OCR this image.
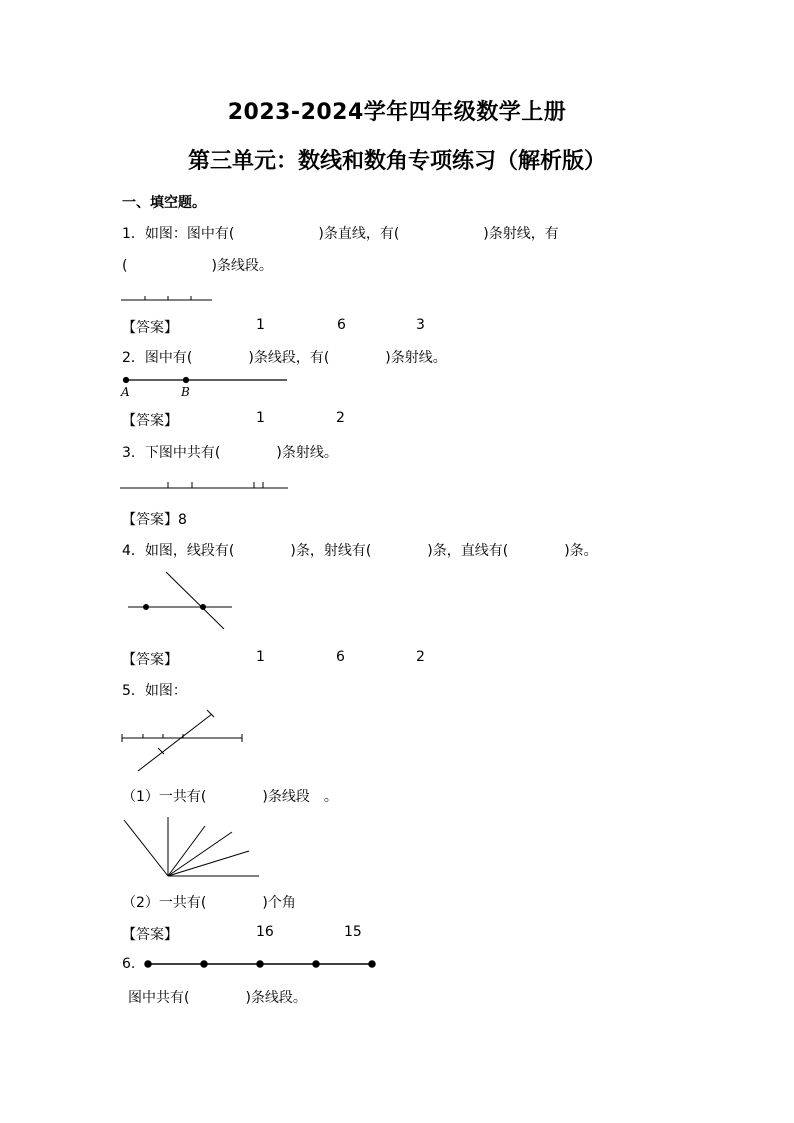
2023-2024学年四年级数学上册
第三单元：数线和数角专项练习（解析版）
一、填空题。
1．如图：图中有(　　　　　　)条直线，有(　　　　　　)条射线，有
(　　　　　　)条线段。
【答案】	1	6	3
2．图中有(　　　　)条线段，有(　　　　)条射线。
A	B
【答案】	1	2
3．下图中共有(　　　　)条射线。
【答案】8
4．如图，线段有(　　　　)条，射线有(　　　　)条，直线有(　　　　)条。
【答案】	1	6	2
5．如图：
（1）一共有(　　　　)条线段　。
（2）一共有(　　　　)个角
【答案】	16	15
6.
图中共有(　　　　)条线段。
